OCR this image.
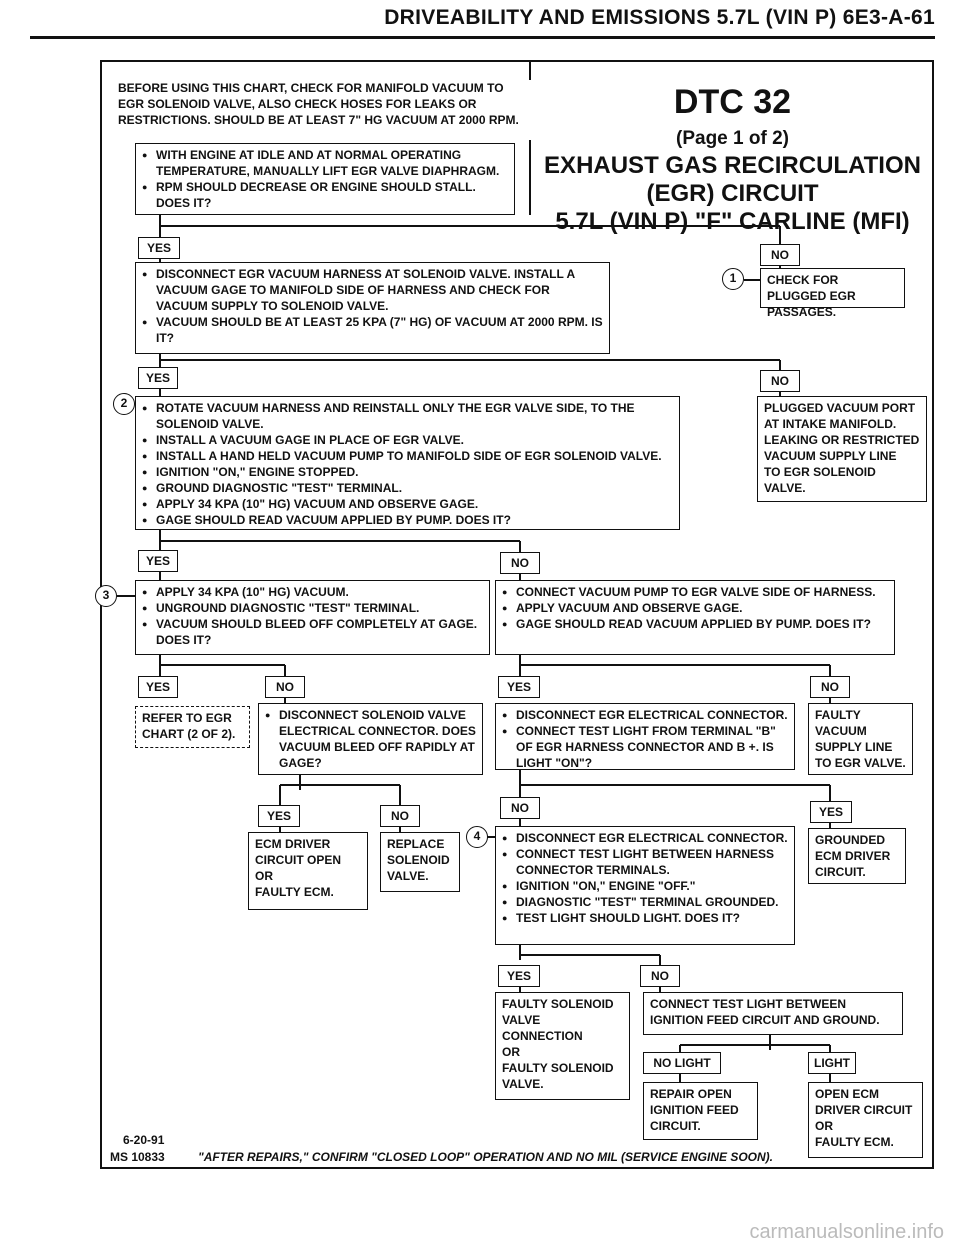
DRIVEABILITY AND EMISSIONS 5.7L (VIN P) 6E3-A-61
BEFORE USING THIS CHART, CHECK FOR MANIFOLD VACUUM TO
EGR SOLENOID VALVE, ALSO CHECK HOSES FOR LEAKS OR
RESTRICTIONS. SHOULD BE AT LEAST 7" HG VACUUM AT 2000 RPM.
● WITH ENGINE AT IDLE AND AT NORMAL OPERATING TEMPERATURE, MANUALLY LIFT EGR VALVE DIAPHRAGM.
● RPM SHOULD DECREASE OR ENGINE SHOULD STALL. DOES IT?
DTC 32
(Page 1 of 2)
EXHAUST GAS RECIRCULATION
(EGR) CIRCUIT
5.7L (VIN P) "F" CARLINE (MFI)
YES	NO
● DISCONNECT EGR VACUUM HARNESS AT SOLENOID VALVE. INSTALL A VACUUM GAGE TO MANIFOLD SIDE OF HARNESS AND CHECK FOR VACUUM SUPPLY TO SOLENOID VALVE.
● VACUUM SHOULD BE AT LEAST 25 KPA (7" HG) OF VACUUM AT 2000 RPM. IS IT?
1	CHECK FOR PLUGGED EGR PASSAGES.
YES	NO
2	● ROTATE VACUUM HARNESS AND REINSTALL ONLY THE EGR VALVE SIDE, TO THE SOLENOID VALVE.
● INSTALL A VACUUM GAGE IN PLACE OF EGR VALVE.
● INSTALL A HAND HELD VACUUM PUMP TO MANIFOLD SIDE OF EGR SOLENOID VALVE.
● IGNITION "ON," ENGINE STOPPED.
● GROUND DIAGNOSTIC "TEST" TERMINAL.
● APPLY 34 KPA (10" HG) VACUUM AND OBSERVE GAGE.
● GAGE SHOULD READ VACUUM APPLIED BY PUMP. DOES IT?
PLUGGED VACUUM PORT
AT INTAKE MANIFOLD.
LEAKING OR RESTRICTED
VACUUM SUPPLY LINE
TO EGR SOLENOID
VALVE.
YES	NO
3	● APPLY 34 KPA (10" HG) VACUUM.
● UNGROUND DIAGNOSTIC "TEST" TERMINAL.
● VACUUM SHOULD BLEED OFF COMPLETELY AT GAGE. DOES IT?
● CONNECT VACUUM PUMP TO EGR VALVE SIDE OF HARNESS.
● APPLY VACUUM AND OBSERVE GAGE.
● GAGE SHOULD READ VACUUM APPLIED BY PUMP. DOES IT?
YES	NO	YES	NO
REFER TO EGR
CHART (2 OF 2).
● DISCONNECT SOLENOID VALVE ELECTRICAL CONNECTOR. DOES VACUUM BLEED OFF RAPIDLY AT GAGE?
● DISCONNECT EGR ELECTRICAL CONNECTOR.
● CONNECT TEST LIGHT FROM TERMINAL "B" OF EGR HARNESS CONNECTOR AND B +. IS LIGHT "ON"?
FAULTY
VACUUM
SUPPLY LINE
TO EGR VALVE.
YES	NO
NO	YES
ECM DRIVER
CIRCUIT OPEN
OR
FAULTY ECM.
REPLACE
SOLENOID
VALVE.
4	● DISCONNECT EGR ELECTRICAL CONNECTOR.
● CONNECT TEST LIGHT BETWEEN HARNESS CONNECTOR TERMINALS.
● IGNITION "ON," ENGINE "OFF."
● DIAGNOSTIC "TEST" TERMINAL GROUNDED.
● TEST LIGHT SHOULD LIGHT. DOES IT?
GROUNDED
ECM DRIVER
CIRCUIT.
YES	NO
FAULTY SOLENOID
VALVE
CONNECTION
OR
FAULTY SOLENOID
VALVE.
CONNECT TEST LIGHT BETWEEN
IGNITION FEED CIRCUIT AND GROUND.
NO LIGHT	LIGHT
REPAIR OPEN
IGNITION FEED
CIRCUIT.
OPEN ECM
DRIVER CIRCUIT
OR
FAULTY ECM.
6-20-91
MS 10833	"AFTER REPAIRS," CONFIRM "CLOSED LOOP" OPERATION AND NO MIL (SERVICE ENGINE SOON).
carmanualsonline.info
